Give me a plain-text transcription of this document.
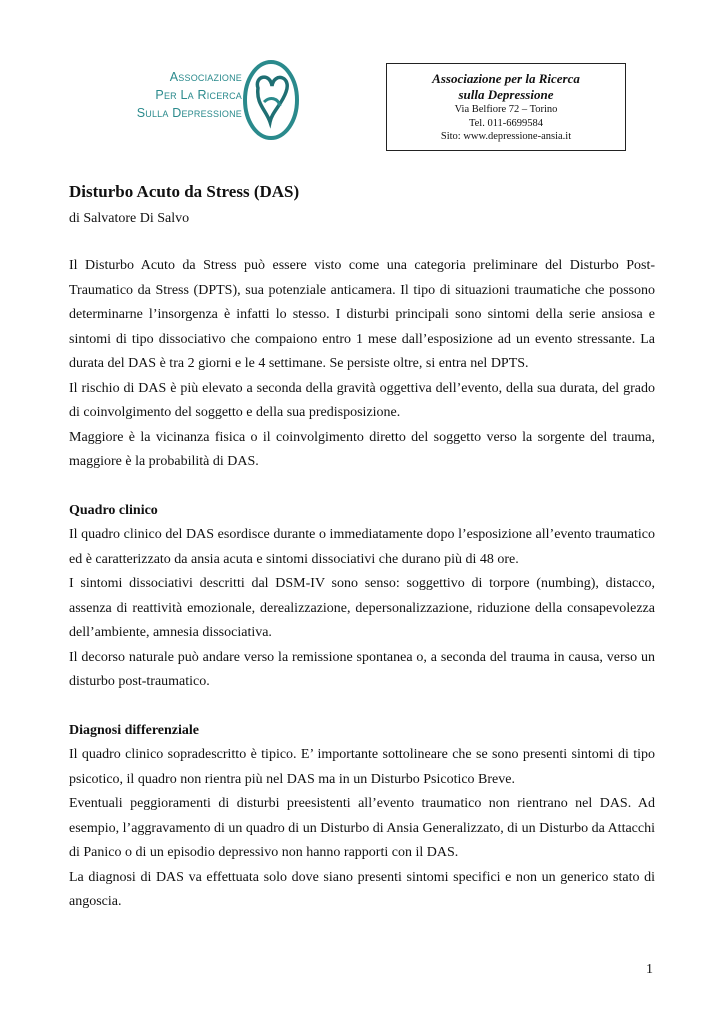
Associazione
Per La Ricerca
Sulla Depressione
Associazione per la Ricerca
sulla Depressione
Via Belfiore 72 – Torino
Tel. 011-6699584
Sito: www.depressione-ansia.it
Disturbo Acuto da Stress (DAS)
di Salvatore Di Salvo

Il Disturbo Acuto da Stress può essere visto come una categoria preliminare del Disturbo Post-Traumatico da Stress (DPTS), sua potenziale anticamera. Il tipo di situazioni traumatiche che possono determinarne l’insorgenza è infatti lo stesso. I disturbi principali sono sintomi della serie ansiosa e sintomi di tipo dissociativo che compaiono entro 1 mese dall’esposizione ad un evento stressante. La durata del DAS è tra 2 giorni e le 4 settimane. Se persiste oltre, si entra nel DPTS.

Il rischio di DAS è più elevato a seconda della gravità oggettiva dell’evento, della sua durata, del grado di coinvolgimento del soggetto e della sua predisposizione.

Maggiore è la vicinanza fisica o il coinvolgimento diretto del soggetto verso la sorgente del trauma, maggiore è la probabilità di DAS.

Quadro clinico

Il quadro clinico del DAS esordisce durante o immediatamente dopo l’esposizione all’evento traumatico ed è caratterizzato da ansia acuta e sintomi dissociativi che durano più di 48 ore.

I sintomi dissociativi descritti dal DSM-IV sono senso: soggettivo di torpore (numbing), distacco, assenza di reattività emozionale, derealizzazione, depersonalizzazione, riduzione della consapevolezza dell’ambiente, amnesia dissociativa.

Il decorso naturale può andare verso la remissione spontanea o, a seconda del trauma in causa, verso un disturbo post-traumatico.

Diagnosi differenziale

Il quadro clinico sopradescritto è tipico. E’ importante sottolineare che se sono presenti sintomi di tipo psicotico, il quadro non rientra più nel DAS ma in un Disturbo Psicotico Breve.

Eventuali peggioramenti di disturbi preesistenti all’evento traumatico non rientrano nel DAS. Ad esempio, l’aggravamento di un quadro di un Disturbo di Ansia Generalizzato, di un Disturbo da Attacchi di Panico o di un episodio depressivo non hanno rapporti con il DAS.

La diagnosi di DAS va effettuata solo dove siano presenti sintomi specifici e non un generico stato di angoscia.

1
